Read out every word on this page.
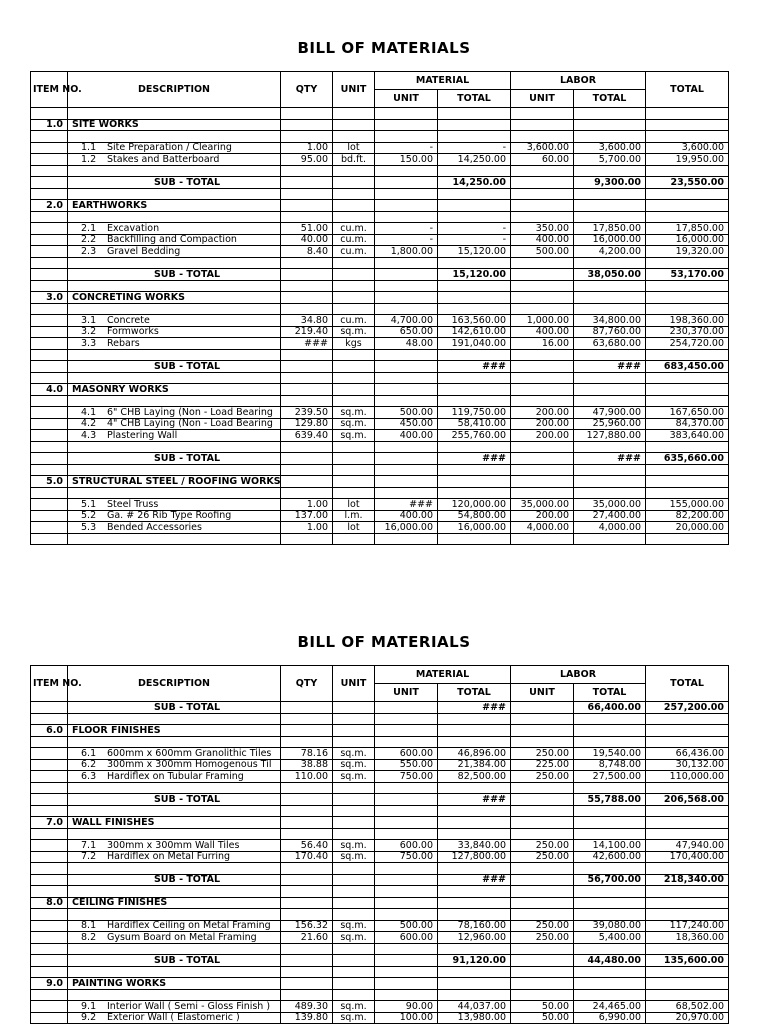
BILL OF MATERIALS
ITEM NO.	DESCRIPTION	QTY	UNIT	MATERIAL		LABOR		TOTAL
				UNIT	TOTAL	UNIT	TOTAL	

1.0	SITE WORKS							

	1.1 Site Preparation / Clearing	1.00	lot	-	-	3,600.00	3,600.00	3,600.00
	1.2 Stakes and Batterboard	95.00	bd.ft.	150.00	14,250.00	60.00	5,700.00	19,950.00

	SUB - TOTAL				14,250.00		9,300.00	23,550.00

2.0	EARTHWORKS							

	2.1 Excavation	51.00	cu.m.	-	-	350.00	17,850.00	17,850.00
	2.2 Backfilling and Compaction	40.00	cu.m.	-	-	400.00	16,000.00	16,000.00
	2.3 Gravel Bedding	8.40	cu.m.	1,800.00	15,120.00	500.00	4,200.00	19,320.00

	SUB - TOTAL				15,120.00		38,050.00	53,170.00

3.0	CONCRETING WORKS							

	3.1 Concrete	34.80	cu.m.	4,700.00	163,560.00	1,000.00	34,800.00	198,360.00
	3.2 Formworks	219.40	sq.m.	650.00	142,610.00	400.00	87,760.00	230,370.00
	3.3 Rebars	###	kgs	48.00	191,040.00	16.00	63,680.00	254,720.00

	SUB - TOTAL				###		###	683,450.00

4.0	MASONRY WORKS							

	4.1 6" CHB Laying (Non - Load Bearing	239.50	sq.m.	500.00	119,750.00	200.00	47,900.00	167,650.00
	4.2 4" CHB Laying (Non - Load Bearing	129.80	sq.m.	450.00	58,410.00	200.00	25,960.00	84,370.00
	4.3 Plastering Wall	639.40	sq.m.	400.00	255,760.00	200.00	127,880.00	383,640.00

	SUB - TOTAL				###		###	635,660.00

5.0	STRUCTURAL STEEL / ROOFING WORKS							

	5.1 Steel Truss	1.00	lot	###	120,000.00	35,000.00	35,000.00	155,000.00
	5.2 Ga. # 26 Rib Type Roofing	137.00	l.m.	400.00	54,800.00	200.00	27,400.00	82,200.00
	5.3 Bended Accessories	1.00	lot	16,000.00	16,000.00	4,000.00	4,000.00	20,000.00

BILL OF MATERIALS
ITEM NO.	DESCRIPTION	QTY	UNIT	MATERIAL		LABOR		TOTAL
				UNIT	TOTAL	UNIT	TOTAL	
	SUB - TOTAL				###		66,400.00	257,200.00

6.0	FLOOR FINISHES							

	6.1 600mm x 600mm Granolithic Tiles	78.16	sq.m.	600.00	46,896.00	250.00	19,540.00	66,436.00
	6.2 300mm x 300mm Homogenous Til	38.88	sq.m.	550.00	21,384.00	225.00	8,748.00	30,132.00
	6.3 Hardiflex on Tubular Framing	110.00	sq.m.	750.00	82,500.00	250.00	27,500.00	110,000.00

	SUB - TOTAL				###		55,788.00	206,568.00

7.0	WALL FINISHES							

	7.1 300mm x 300mm Wall Tiles	56.40	sq.m.	600.00	33,840.00	250.00	14,100.00	47,940.00
	7.2 Hardiflex on Metal Furring	170.40	sq.m.	750.00	127,800.00	250.00	42,600.00	170,400.00

	SUB - TOTAL				###		56,700.00	218,340.00

8.0	CEILING FINISHES							

	8.1 Hardiflex Ceiling on Metal Framing	156.32	sq.m.	500.00	78,160.00	250.00	39,080.00	117,240.00
	8.2 Gysum Board on Metal Framing	21.60	sq.m.	600.00	12,960.00	250.00	5,400.00	18,360.00

	SUB - TOTAL				91,120.00		44,480.00	135,600.00

9.0	PAINTING WORKS							

	9.1 Interior Wall ( Semi - Gloss Finish )	489.30	sq.m.	90.00	44,037.00	50.00	24,465.00	68,502.00
	9.2 Exterior Wall ( Elastomeric )	139.80	sq.m.	100.00	13,980.00	50.00	6,990.00	20,970.00
